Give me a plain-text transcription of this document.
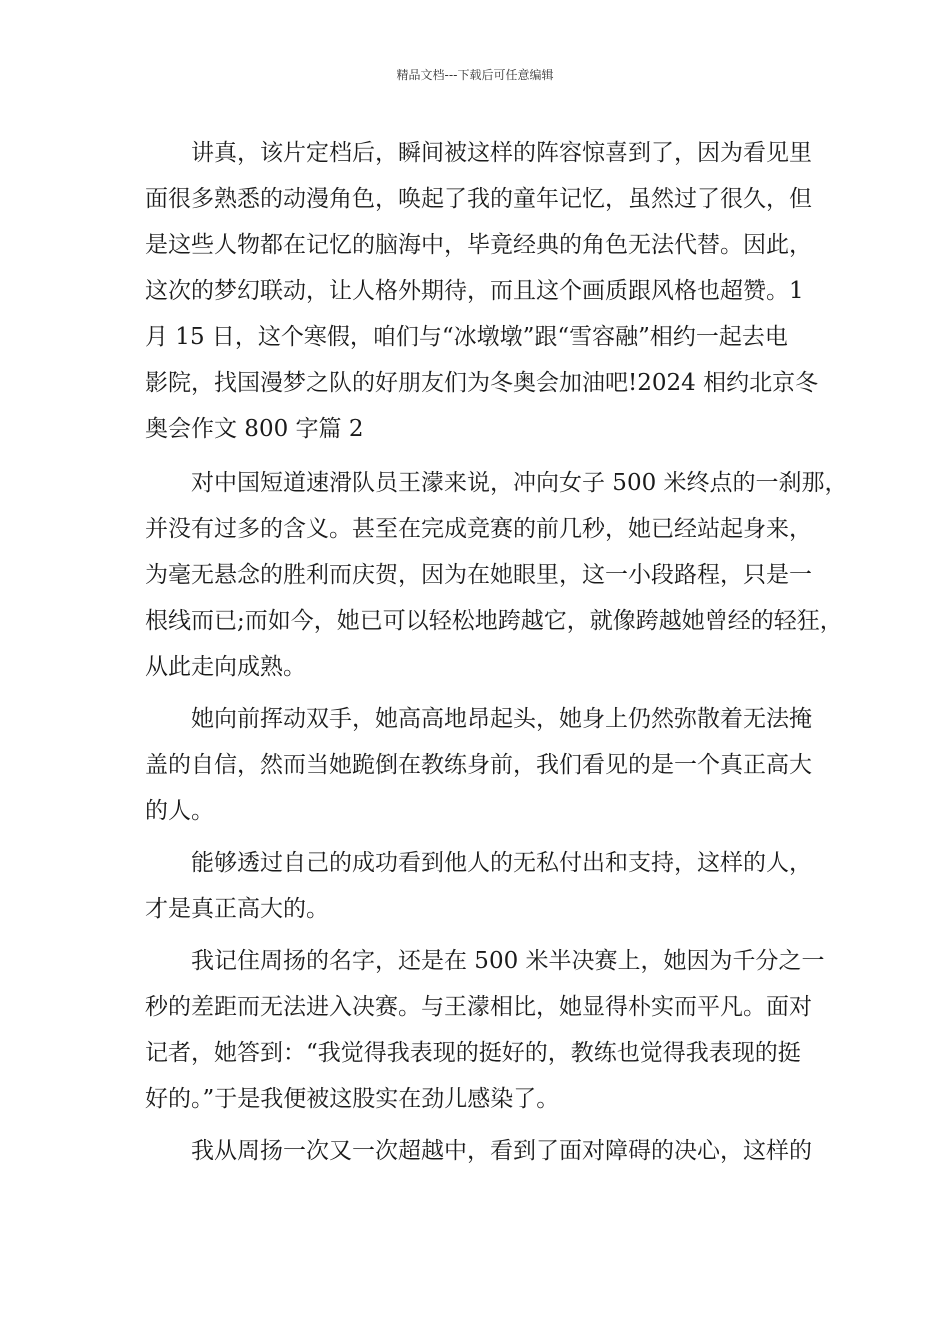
精品文档---下载后可任意编辑
讲真，该片定档后，瞬间被这样的阵容惊喜到了，因为看见里
面很多熟悉的动漫角色，唤起了我的童年记忆，虽然过了很久，但
是这些人物都在记忆的脑海中，毕竟经典的角色无法代替。因此，
这次的梦幻联动，让人格外期待，而且这个画质跟风格也超赞。1
月 15 日，这个寒假，咱们与“冰墩墩”跟“雪容融”相约一起去电
影院，找国漫梦之队的好朋友们为冬奥会加油吧!2024 相约北京冬
奥会作文 800 字篇 2
对中国短道速滑队员王濛来说，冲向女子 500 米终点的一刹那，
并没有过多的含义。甚至在完成竞赛的前几秒，她已经站起身来，
为毫无悬念的胜利而庆贺，因为在她眼里，这一小段路程，只是一
根线而已;而如今，她已可以轻松地跨越它，就像跨越她曾经的轻狂，
从此走向成熟。
她向前挥动双手，她高高地昂起头，她身上仍然弥散着无法掩
盖的自信，然而当她跪倒在教练身前，我们看见的是一个真正高大
的人。
能够透过自己的成功看到他人的无私付出和支持，这样的人，
才是真正高大的。
我记住周扬的名字，还是在 500 米半决赛上，她因为千分之一
秒的差距而无法进入决赛。与王濛相比，她显得朴实而平凡。面对
记者，她答到：“我觉得我表现的挺好的，教练也觉得我表现的挺
好的。”于是我便被这股实在劲儿感染了。
我从周扬一次又一次超越中，看到了面对障碍的决心，这样的
